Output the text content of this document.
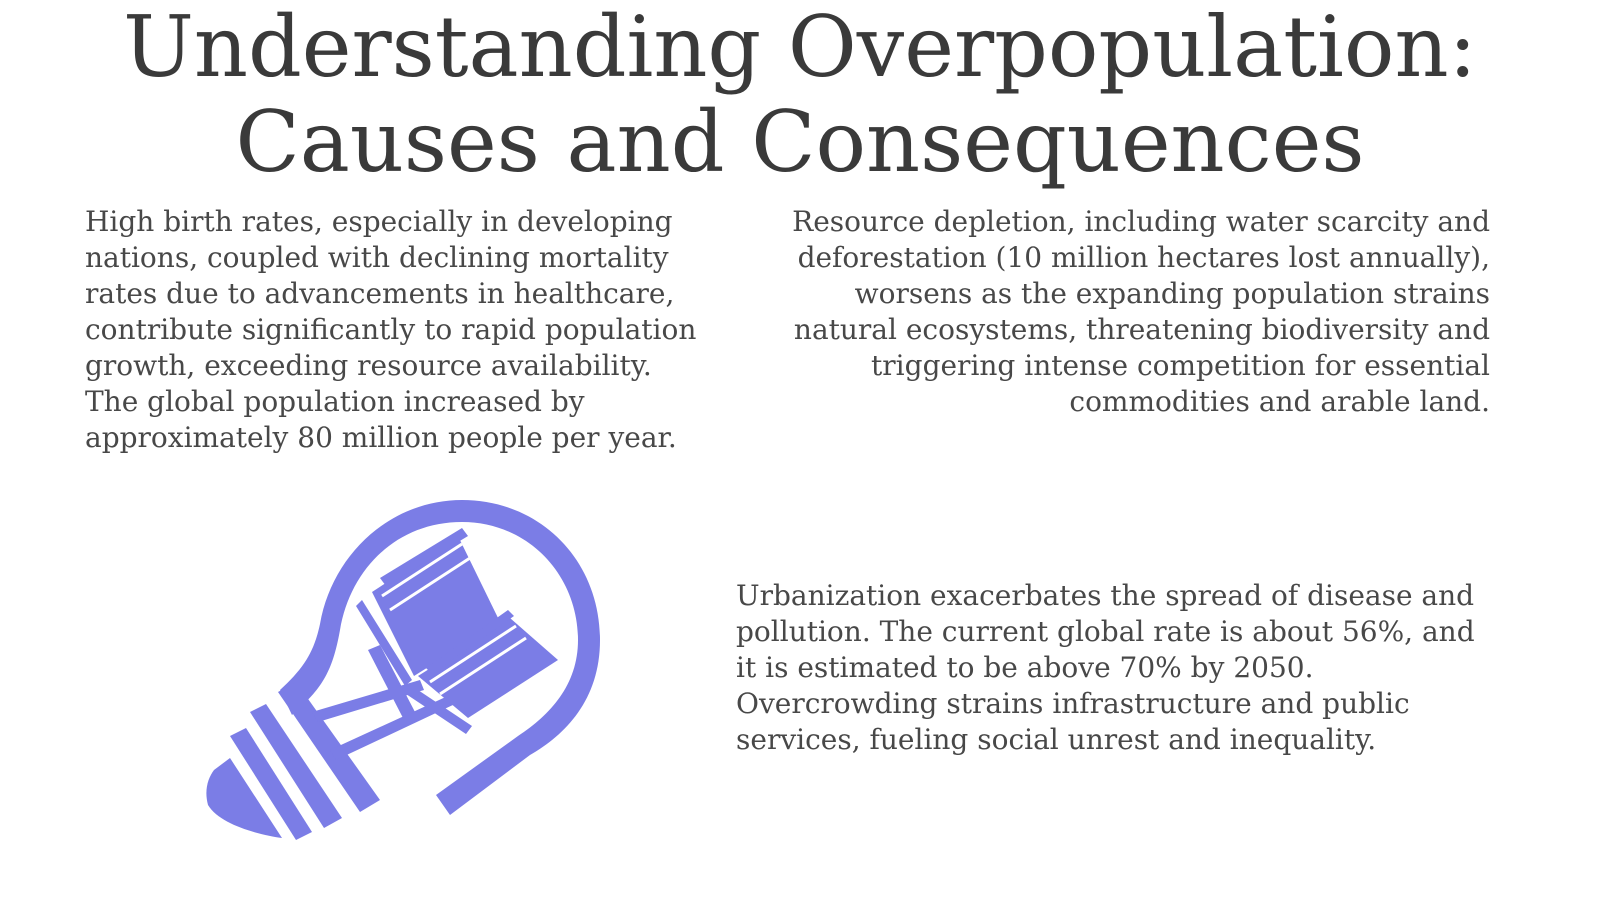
Understanding Overpopulation:
Causes and Consequences

High birth rates, especially in developing nations, coupled with declining mortality rates due to advancements in healthcare, contribute significantly to rapid population growth, exceeding resource availability. The global population increased by approximately 80 million people per year.

Resource depletion, including water scarcity and deforestation (10 million hectares lost annually), worsens as the expanding population strains natural ecosystems, threatening biodiversity and triggering intense competition for essential commodities and arable land.

Urbanization exacerbates the spread of disease and pollution. The current global rate is about 56%, and it is estimated to be above 70% by 2050. Overcrowding strains infrastructure and public services, fueling social unrest and inequality.
